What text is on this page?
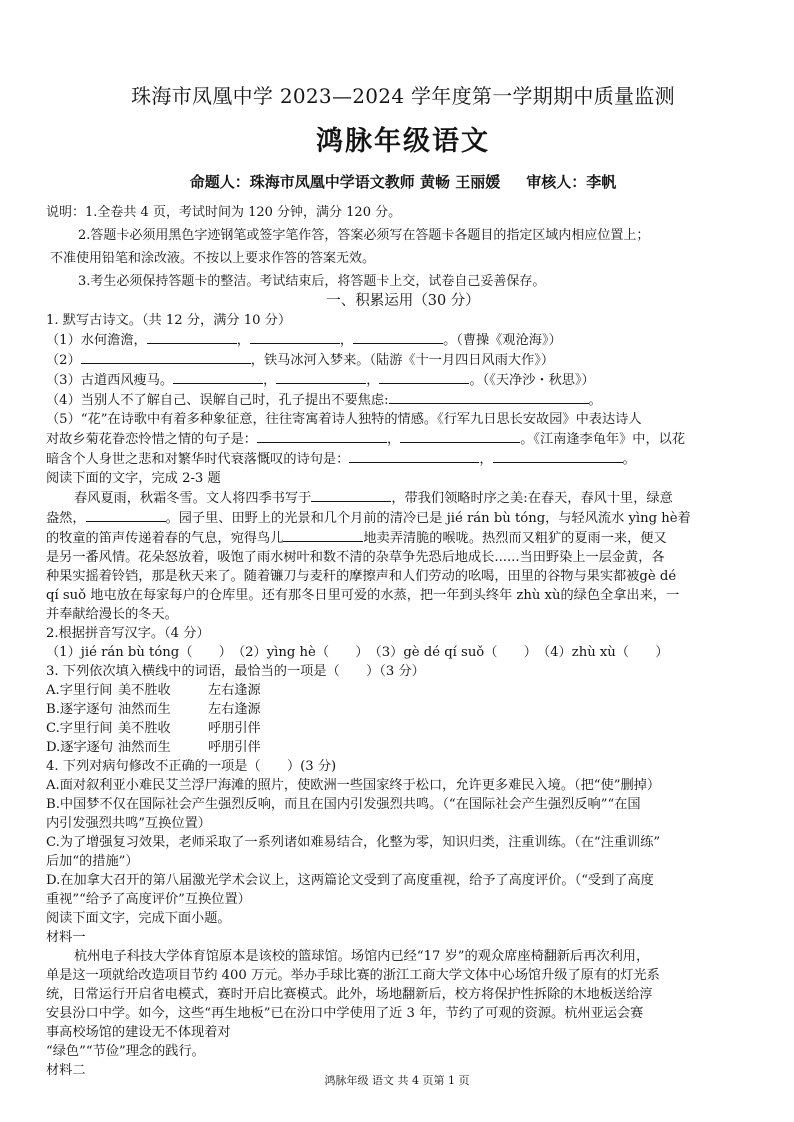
珠海市凤凰中学 2023—2024 学年度第一学期期中质量监测
鸿脉年级语文
命题人：珠海市凤凰中学语文教师 黄畅 王丽媛 审核人：李帆
说明：1.全卷共 4 页，考试时间为 120 分钟，满分 120 分。
2.答题卡必须用黑色字迹钢笔或签字笔作答，答案必须写在答题卡各题目的指定区域内相应位置上；
不准使用铅笔和涂改液。不按以上要求作答的答案无效。
3.考生必须保持答题卡的整洁。考试结束后，将答题卡上交，试卷自己妥善保存。
一、积累运用（30 分）
1. 默写古诗文。（共 12 分，满分 10 分）
（1）水何澹澹，	，	，	。（曹操《观沧海》）
（2）	，铁马冰河入梦来。（陆游《十一月四日风雨大作》）
（3）古道西风瘦马。	，	，	。（《天净沙・秋思》）
（4）当别人不了解自己、误解自己时，孔子提出不要焦虑:	。
（5）“花”在诗歌中有着多种象征意，往往寄寓着诗人独特的情感。《行军九日思长安故园》中表达诗人
对故乡菊花眷恋怜惜之情的句子是：	，	。《江南逢李龟年》中，以花
暗含个人身世之悲和对繁华时代衰落慨叹的诗句是：	，	。
阅读下面的文字，完成 2-3 题
春风夏雨，秋霜冬雪。文人将四季书写于	，带我们领略时序之美:在春天，春风十里，绿意
盎然，	。园子里、田野上的光景和几个月前的清冷已是 jié rán bù tóng，与轻风流水 yìng hè着
的牧童的笛声传递着春的气息，宛得鸟儿	地卖弄清脆的喉咙。热烈而又粗犷的夏雨一来，便又
是另一番风情。花朵怒放着，吸饱了雨水树叶和数不清的杂草争先恐后地成长......当田野染上一层金黄，各
种果实摇着铃铛，那是秋天来了。随着镰刀与麦秆的摩擦声和人们劳动的吆喝，田里的谷物与果实都被gè dé
qí suǒ 地屯放在每家每户的仓库里。还有那冬日里可爱的水蒸，把一年到头终年 zhù xù的绿色全拿出来，一
并奉献给漫长的冬天。
2.根据拼音写汉字。（4 分）
（1）jié rán bù tóng（　　）　（2）yìng hè（　　）　（3）gè dé qí suǒ（　　）　（4）zhù xù（　　）
3. 下列依次填入横线中的词语，最恰当的一项是（　　）（3 分）
A.字里行间 美不胜收	左右逢源
B.逐字逐句 油然而生	左右逢源
C.字里行间 美不胜收	呼朋引伴
D.逐字逐句 油然而生	呼朋引伴
4. 下列对病句修改不正确的一项是（　　）(3 分)
A.面对叙利亚小难民艾兰浮尸海滩的照片，使欧洲一些国家终于松口，允许更多难民入境。（把“使”删掉）
B.中国梦不仅在国际社会产生强烈反响，而且在国内引发强烈共鸣。（“在国际社会产生强烈反响”“在国
内引发强烈共鸣”互换位置）
C.为了增强复习效果，老师采取了一系列诸如难易结合，化整为零，知识归类，注重训练。（在“注重训练”
后加“的措施”）
D.在加拿大召开的第八届激光学术会议上，这两篇论文受到了高度重视，给予了高度评价。（“受到了高度
重视”“给予了高度评价”互换位置）
阅读下面文字，完成下面小题。
材料一
杭州电子科技大学体育馆原本是该校的篮球馆。场馆内已经“17 岁”的观众席座椅翻新后再次利用，
单是这一项就给改造项目节约 400 万元。举办手球比赛的浙江工商大学文体中心场馆升级了原有的灯光系
统，日常运行开启省电模式，赛时开启比赛模式。此外，场地翻新后，校方将保护性拆除的木地板送给淳
安县汾口中学。如今，这些“再生地板”已在汾口中学使用了近 3 年，节约了可观的资源。杭州亚运会赛
事高校场馆的建设无不体现着对
“绿色”“节俭”理念的践行。
材料二
鸿脉年级 语文 共 4 页第 1 页
